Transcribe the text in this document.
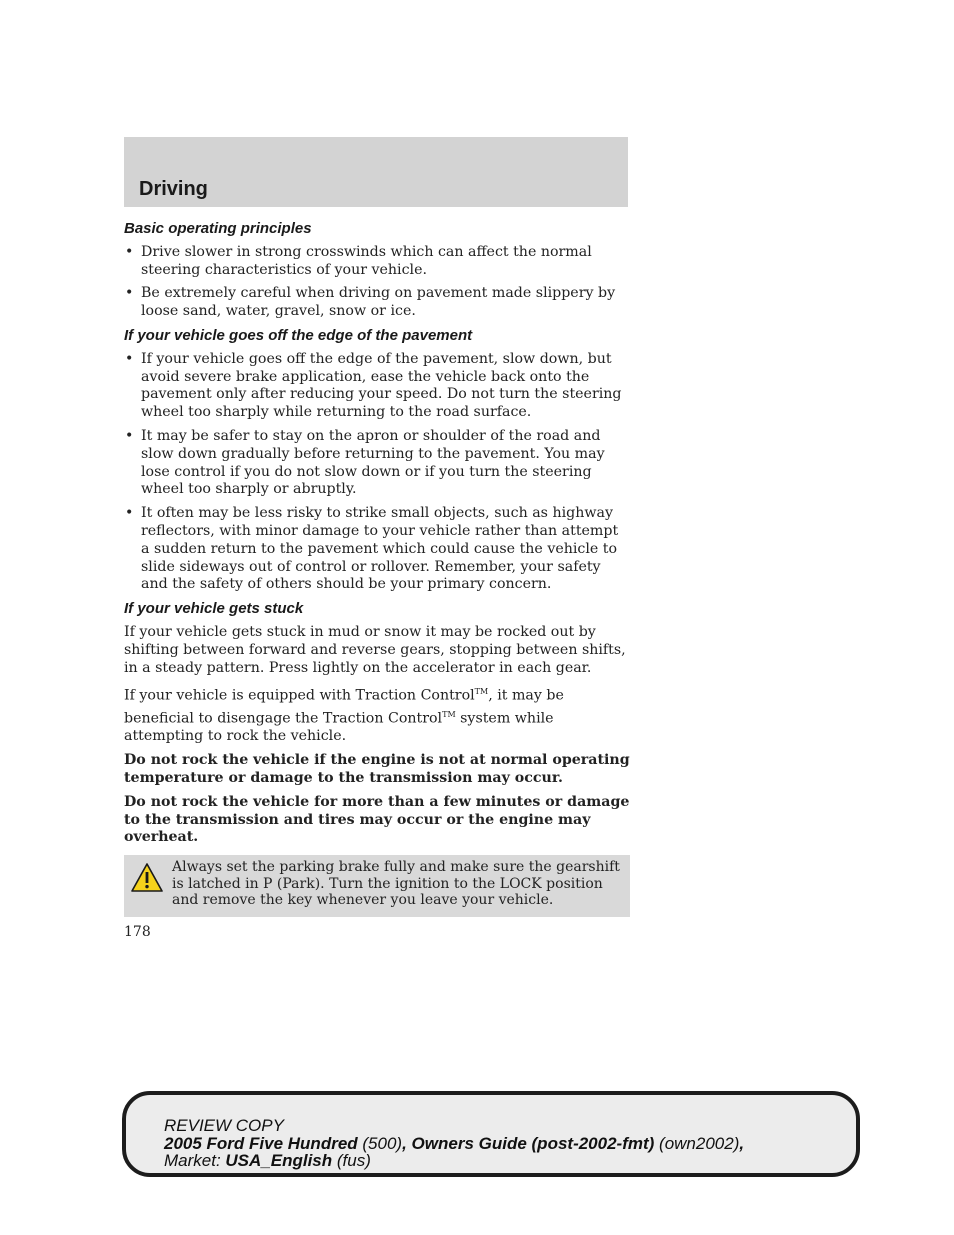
Driving
Basic operating principles
• Drive slower in strong crosswinds which can affect the normal steering characteristics of your vehicle.
• Be extremely careful when driving on pavement made slippery by loose sand, water, gravel, snow or ice.
If your vehicle goes off the edge of the pavement
• If your vehicle goes off the edge of the pavement, slow down, but avoid severe brake application, ease the vehicle back onto the pavement only after reducing your speed. Do not turn the steering wheel too sharply while returning to the road surface.
• It may be safer to stay on the apron or shoulder of the road and slow down gradually before returning to the pavement. You may lose control if you do not slow down or if you turn the steering wheel too sharply or abruptly.
• It often may be less risky to strike small objects, such as highway reflectors, with minor damage to your vehicle rather than attempt a sudden return to the pavement which could cause the vehicle to slide sideways out of control or rollover. Remember, your safety and the safety of others should be your primary concern.
If your vehicle gets stuck

If your vehicle gets stuck in mud or snow it may be rocked out by shifting between forward and reverse gears, stopping between shifts, in a steady pattern. Press lightly on the accelerator in each gear.

If your vehicle is equipped with Traction Control™, it may be beneficial to disengage the Traction Control™ system while attempting to rock the vehicle.

Do not rock the vehicle if the engine is not at normal operating temperature or damage to the transmission may occur.

Do not rock the vehicle for more than a few minutes or damage to the transmission and tires may occur or the engine may overheat.

Always set the parking brake fully and make sure the gearshift is latched in P (Park). Turn the ignition to the LOCK position and remove the key whenever you leave your vehicle.
178
REVIEW COPY
2005 Ford Five Hundred (500), Owners Guide (post-2002-fmt) (own2002),
Market: USA_English (fus)
